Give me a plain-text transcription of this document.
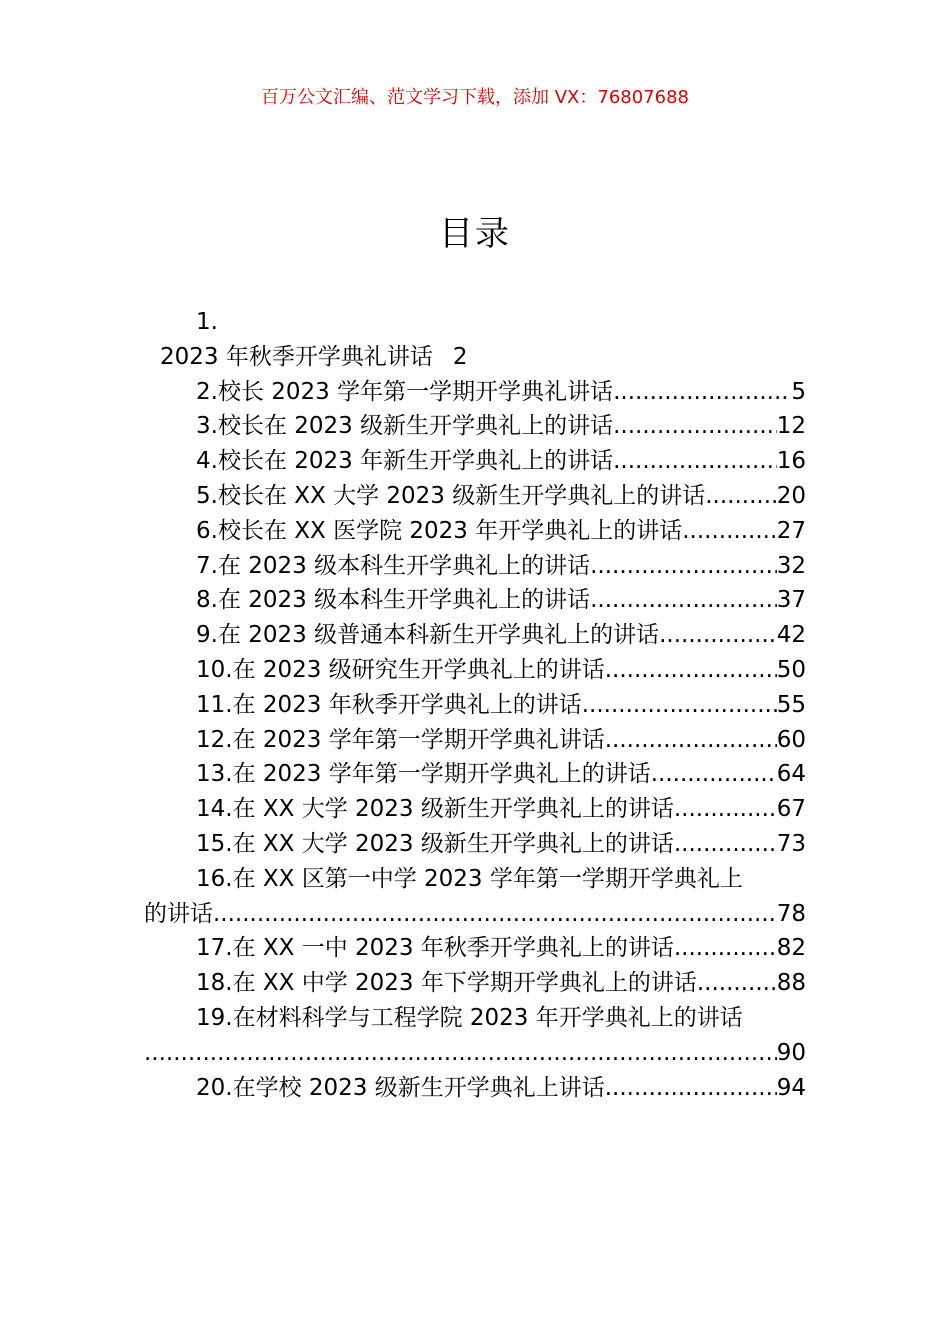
百万公文汇编、范文学习下载，添加 VX：76807688
目录
1.
2023 年秋季开学典礼讲话 2
2.校长 2023 学年第一学期开学典礼讲话 .....	5
3.校长在 2023 级新生开学典礼上的讲话 .....	12
4.校长在 2023 年新生开学典礼上的讲话 .....	16
5.校长在 XX 大学 2023 级新生开学典礼上的讲话 .....	20
6.校长在 XX 医学院 2023 年开学典礼上的讲话 .....	27
7.在 2023 级本科生开学典礼上的讲话 .....	32
8.在 2023 级本科生开学典礼上的讲话 .....	37
9.在 2023 级普通本科新生开学典礼上的讲话 .....	42
10.在 2023 级研究生开学典礼上的讲话 .....	50
11.在 2023 年秋季开学典礼上的讲话 .....	55
12.在 2023 学年第一学期开学典礼讲话 .....	60
13.在 2023 学年第一学期开学典礼上的讲话 .....	64
14.在 XX 大学 2023 级新生开学典礼上的讲话 .....	67
15.在 XX 大学 2023 级新生开学典礼上的讲话 .....	73
16.在 XX 区第一中学 2023 学年第一学期开学典礼上
的讲话 .....	78
17.在 XX 一中 2023 年秋季开学典礼上的讲话 .....	82
18.在 XX 中学 2023 年下学期开学典礼上的讲话 .....	88
19.在材料科学与工程学院 2023 年开学典礼上的讲话
.....
90
20.在学校 2023 级新生开学典礼上讲话 .....	94
